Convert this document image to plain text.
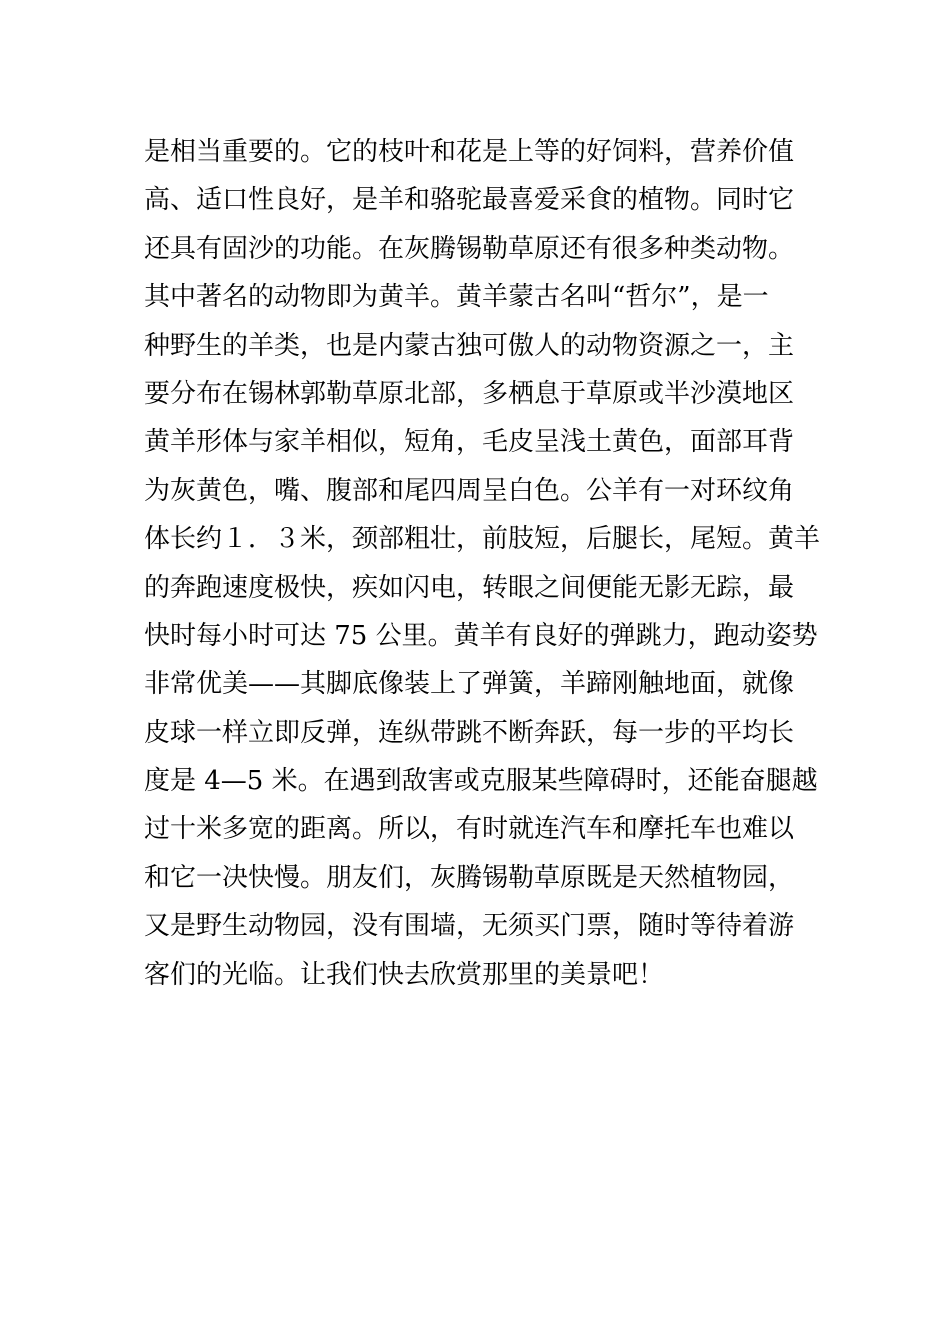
是相当重要的。它的枝叶和花是上等的好饲料，营养价值
高、适口性良好，是羊和骆驼最喜爱采食的植物。同时它
还具有固沙的功能。在灰腾锡勒草原还有很多种类动物。
其中著名的动物即为黄羊。黄羊蒙古名叫“哲尔”，是一
种野生的羊类，也是内蒙古独可傲人的动物资源之一，主
要分布在锡林郭勒草原北部，多栖息于草原或半沙漠地区
黄羊形体与家羊相似，短角，毛皮呈浅土黄色，面部耳背
为灰黄色，嘴、腹部和尾四周呈白色。公羊有一对环纹角
体长约１．３米，颈部粗壮，前肢短，后腿长，尾短。黄羊
的奔跑速度极快，疾如闪电，转眼之间便能无影无踪，最
快时每小时可达 75 公里。黄羊有良好的弹跳力，跑动姿势
非常优美——其脚底像装上了弹簧，羊蹄刚触地面，就像
皮球一样立即反弹，连纵带跳不断奔跃，每一步的平均长
度是 4—5 米。在遇到敌害或克服某些障碍时，还能奋腿越
过十米多宽的距离。所以，有时就连汽车和摩托车也难以
和它一决快慢。朋友们，灰腾锡勒草原既是天然植物园，
又是野生动物园，没有围墙，无须买门票，随时等待着游
客们的光临。让我们快去欣赏那里的美景吧！
